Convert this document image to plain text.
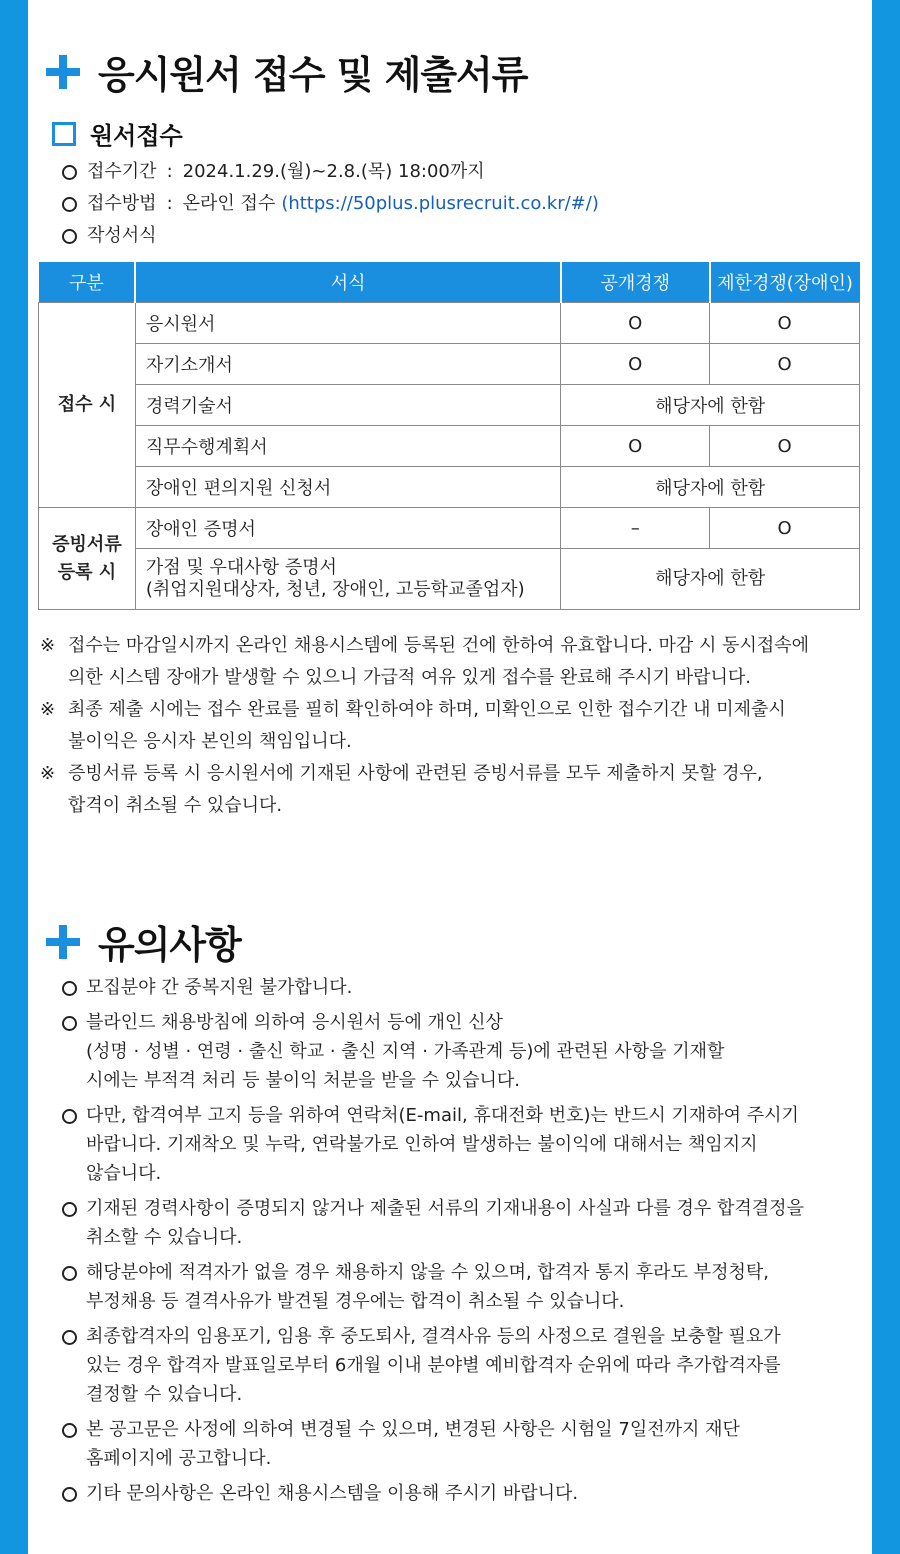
응시원서 접수 및 제출서류
원서접수
접수기간 : 2024.1.29.(월)~2.8.(목) 18:00까지
접수방법 : 온라인 접수 (https://50plus.plusrecruit.co.kr/#/)
작성서식
구분	서식	공개경쟁	제한경쟁(장애인)
접수 시	응시원서	O	O
	자기소개서	O	O
	경력기술서	해당자에 한함	
	직무수행계획서	O	O
	장애인 편의지원 신청서	해당자에 한함	
증빙서류
등록 시	장애인 증명서	–	O
	가점 및 우대사항 증명서
(취업지원대상자, 청년, 장애인, 고등학교졸업자)	해당자에 한함	
※ 접수는 마감일시까지 온라인 채용시스템에 등록된 건에 한하여 유효합니다. 마감 시 동시접속에
의한 시스템 장애가 발생할 수 있으니 가급적 여유 있게 접수를 완료해 주시기 바랍니다.
※ 최종 제출 시에는 접수 완료를 필히 확인하여야 하며, 미확인으로 인한 접수기간 내 미제출시
불이익은 응시자 본인의 책임입니다.
※ 증빙서류 등록 시 응시원서에 기재된 사항에 관련된 증빙서류를 모두 제출하지 못할 경우,
합격이 취소될 수 있습니다.
유의사항
모집분야 간 중복지원 불가합니다.
블라인드 채용방침에 의하여 응시원서 등에 개인 신상
(성명 · 성별 · 연령 · 출신 학교 · 출신 지역 · 가족관계 등)에 관련된 사항을 기재할
시에는 부적격 처리 등 불이익 처분을 받을 수 있습니다.
다만, 합격여부 고지 등을 위하여 연락처(E-mail, 휴대전화 번호)는 반드시 기재하여 주시기
바랍니다. 기재착오 및 누락, 연락불가로 인하여 발생하는 불이익에 대해서는 책임지지
않습니다.
기재된 경력사항이 증명되지 않거나 제출된 서류의 기재내용이 사실과 다를 경우 합격결정을
취소할 수 있습니다.
해당분야에 적격자가 없을 경우 채용하지 않을 수 있으며, 합격자 통지 후라도 부정청탁,
부정채용 등 결격사유가 발견될 경우에는 합격이 취소될 수 있습니다.
최종합격자의 임용포기, 임용 후 중도퇴사, 결격사유 등의 사정으로 결원을 보충할 필요가
있는 경우 합격자 발표일로부터 6개월 이내 분야별 예비합격자 순위에 따라 추가합격자를
결정할 수 있습니다.
본 공고문은 사정에 의하여 변경될 수 있으며, 변경된 사항은 시험일 7일전까지 재단
홈페이지에 공고합니다.
기타 문의사항은 온라인 채용시스템을 이용해 주시기 바랍니다.
